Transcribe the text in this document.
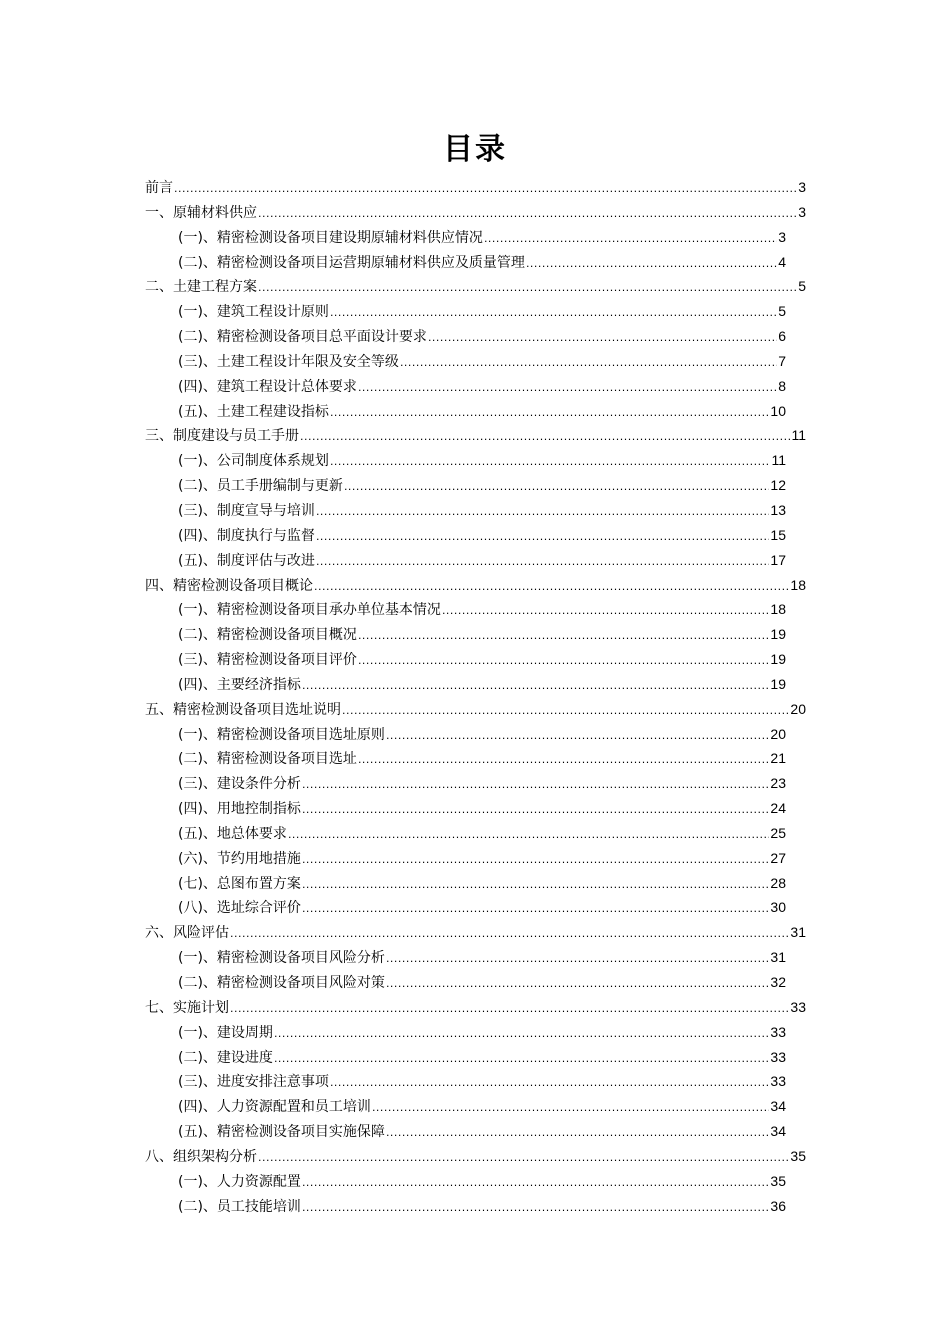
目录
前言 .....	3
一、原辅材料供应 .....	3
(一)、精密检测设备项目建设期原辅材料供应情况 .....	3
(二)、精密检测设备项目运营期原辅材料供应及质量管理 .....	4
二、土建工程方案 .....	5
(一)、建筑工程设计原则 .....	5
(二)、精密检测设备项目总平面设计要求 .....	6
(三)、土建工程设计年限及安全等级 .....	7
(四)、建筑工程设计总体要求 .....	8
(五)、土建工程建设指标 .....	10
三、制度建设与员工手册 .....	11
(一)、公司制度体系规划 .....	11
(二)、员工手册编制与更新 .....	12
(三)、制度宣导与培训 .....	13
(四)、制度执行与监督 .....	15
(五)、制度评估与改进 .....	17
四、精密检测设备项目概论 .....	18
(一)、精密检测设备项目承办单位基本情况 .....	18
(二)、精密检测设备项目概况 .....	19
(三)、精密检测设备项目评价 .....	19
(四)、主要经济指标 .....	19
五、精密检测设备项目选址说明 .....	20
(一)、精密检测设备项目选址原则 .....	20
(二)、精密检测设备项目选址 .....	21
(三)、建设条件分析 .....	23
(四)、用地控制指标 .....	24
(五)、地总体要求 .....	25
(六)、节约用地措施 .....	27
(七)、总图布置方案 .....	28
(八)、选址综合评价 .....	30
六、风险评估 .....	31
(一)、精密检测设备项目风险分析 .....	31
(二)、精密检测设备项目风险对策 .....	32
七、实施计划 .....	33
(一)、建设周期 .....	33
(二)、建设进度 .....	33
(三)、进度安排注意事项 .....	33
(四)、人力资源配置和员工培训 .....	34
(五)、精密检测设备项目实施保障 .....	34
八、组织架构分析 .....	35
(一)、人力资源配置 .....	35
(二)、员工技能培训 .....	36
